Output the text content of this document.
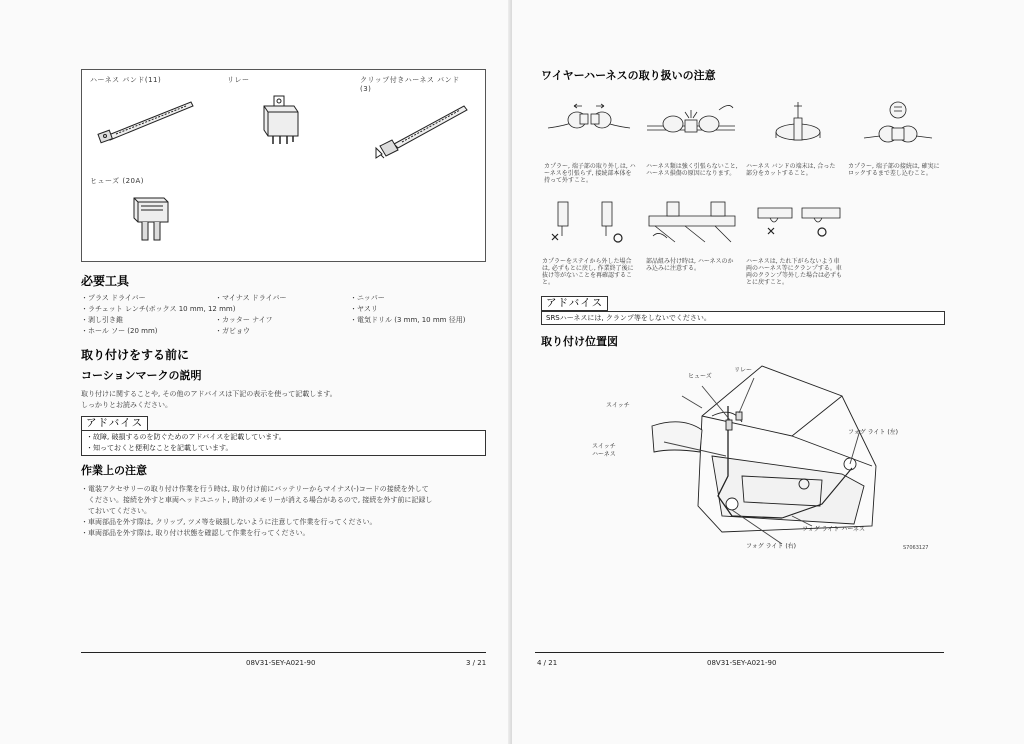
ハーネス バンド(11)	リレー	クリップ付きハーネス バンド
(3)
ヒューズ (20A)
必要工具
・プラス ドライバー
・ラチェット レンチ(ボックス 10 mm, 12 mm)
・剥し引き錐
・ホール ソー (20 mm)
・マイナス ドライバー

・カッター ナイフ
・ガビョウ
・ニッパー
・ヤスリ
・電気ドリル (3 mm, 10 mm 径用)
取り付けをする前に
コーションマークの説明
取り付けに関することや, その他のアドバイスは下記の表示を使って記載します。
しっかりとお読みください。
アドバイス
・故障, 破損するのを防ぐためのアドバイスを記載しています。
・知っておくと便利なことを記載しています。
作業上の注意
・電装アクセサリーの取り付け作業を行う時は, 取り付け前にバッテリーからマイナス(-)コードの接続を外して
　ください。接続を外すと車両ヘッドユニット, 時計のメモリーが消える場合があるので, 接続を外す前に記録し
　ておいてください。
・車両部品を外す際は, クリップ, ツメ等を破損しないように注意して作業を行ってください。
・車両部品を外す際は, 取り付け状態を確認して作業を行ってください。
08V31-SEY-A021-90	3 / 21
ワイヤーハーネスの取り扱いの注意
カプラー, 端子部の取り外しは, ハーネスを引張らず, 接続部本体を持って外すこと。
ハーネス類は強く引張らないこと, ハーネス損傷の原因になります。
ハーネス バンドの端末は, 合った部分をカットすること。
カプラー, 端子部の接続は, 確実にロックするまで差し込むこと。
カプラーをステイから外した場合は, 必ずもとに戻し, 作業終了後に抜け等がないことを再確認すること。
部品組み付け時は, ハーネスのかみ込みに注意する。
ハーネスは, たれ下がらないよう車両のハーネス等にクランプする。車両のクランプ等外した場合は必ずもとに戻すこと。
アドバイス
SRSハーネスには, クランプ等をしないでください。
取り付け位置図
ヒューズ
リレー
スイッチ
スイッチ
ハーネス
フォグ ライト (左)
フォグ ライト ハーネス
フォグ ライト (右)	S7063127
4 / 21	08V31-SEY-A021-90
